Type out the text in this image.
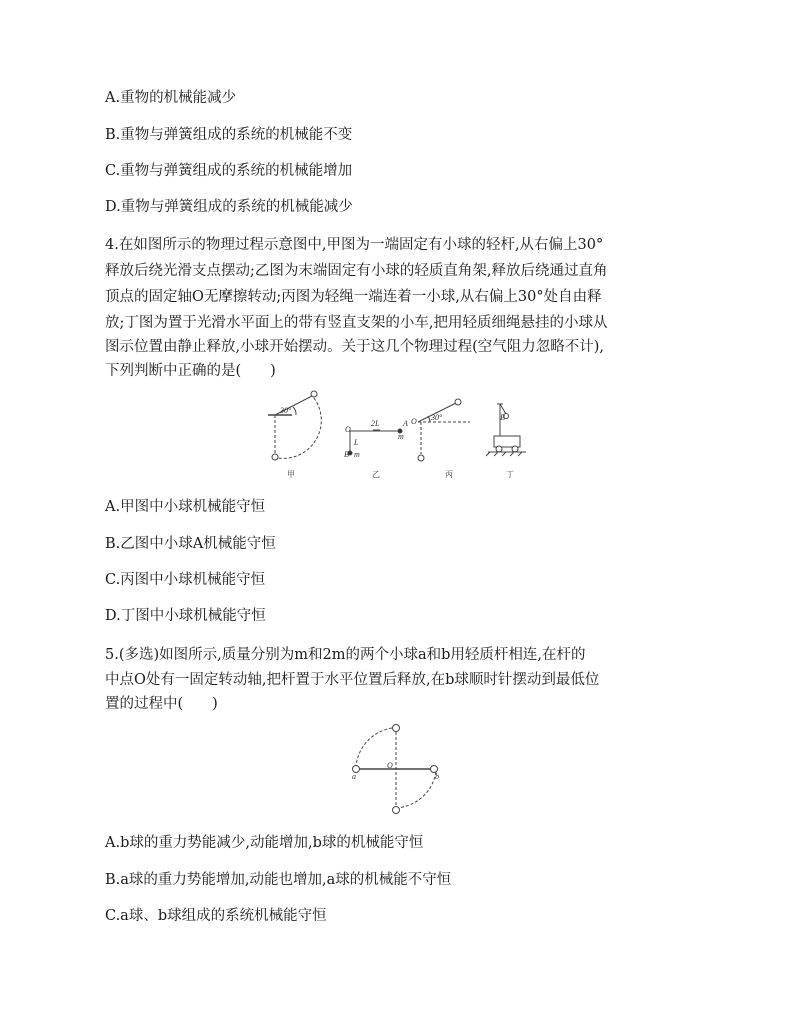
A.重物的机械能减少
B.重物与弹簧组成的系统的机械能不变
C.重物与弹簧组成的系统的机械能增加
D.重物与弹簧组成的系统的机械能减少
4.在如图所示的物理过程示意图中,甲图为一端固定有小球的轻杆,从右偏上30°
释放后绕光滑支点摆动;乙图为末端固定有小球的轻质直角架,释放后绕通过直角
顶点的固定轴O无摩擦转动;丙图为轻绳一端连着一小球,从右偏上30°处自由释
放;丁图为置于光滑水平面上的带有竖直支架的小车,把用轻质细绳悬挂的小球从
图示位置由静止释放,小球开始摆动。关于这几个物理过程(空气阻力忽略不计),
下列判断中正确的是(　　)
30°
O
2L	A
m
L
B m
O 30°	B
甲	乙	丙	丁
A.甲图中小球机械能守恒
B.乙图中小球A机械能守恒
C.丙图中小球机械能守恒
D.丁图中小球机械能守恒
5.(多选)如图所示,质量分别为m和2m的两个小球a和b用轻质杆相连,在杆的
中点O处有一固定转动轴,把杆置于水平位置后释放,在b球顺时针摆动到最低位
置的过程中(　　)
a
O
b
A.b球的重力势能减少,动能增加,b球的机械能守恒
B.a球的重力势能增加,动能也增加,a球的机械能不守恒
C.a球、b球组成的系统机械能守恒
